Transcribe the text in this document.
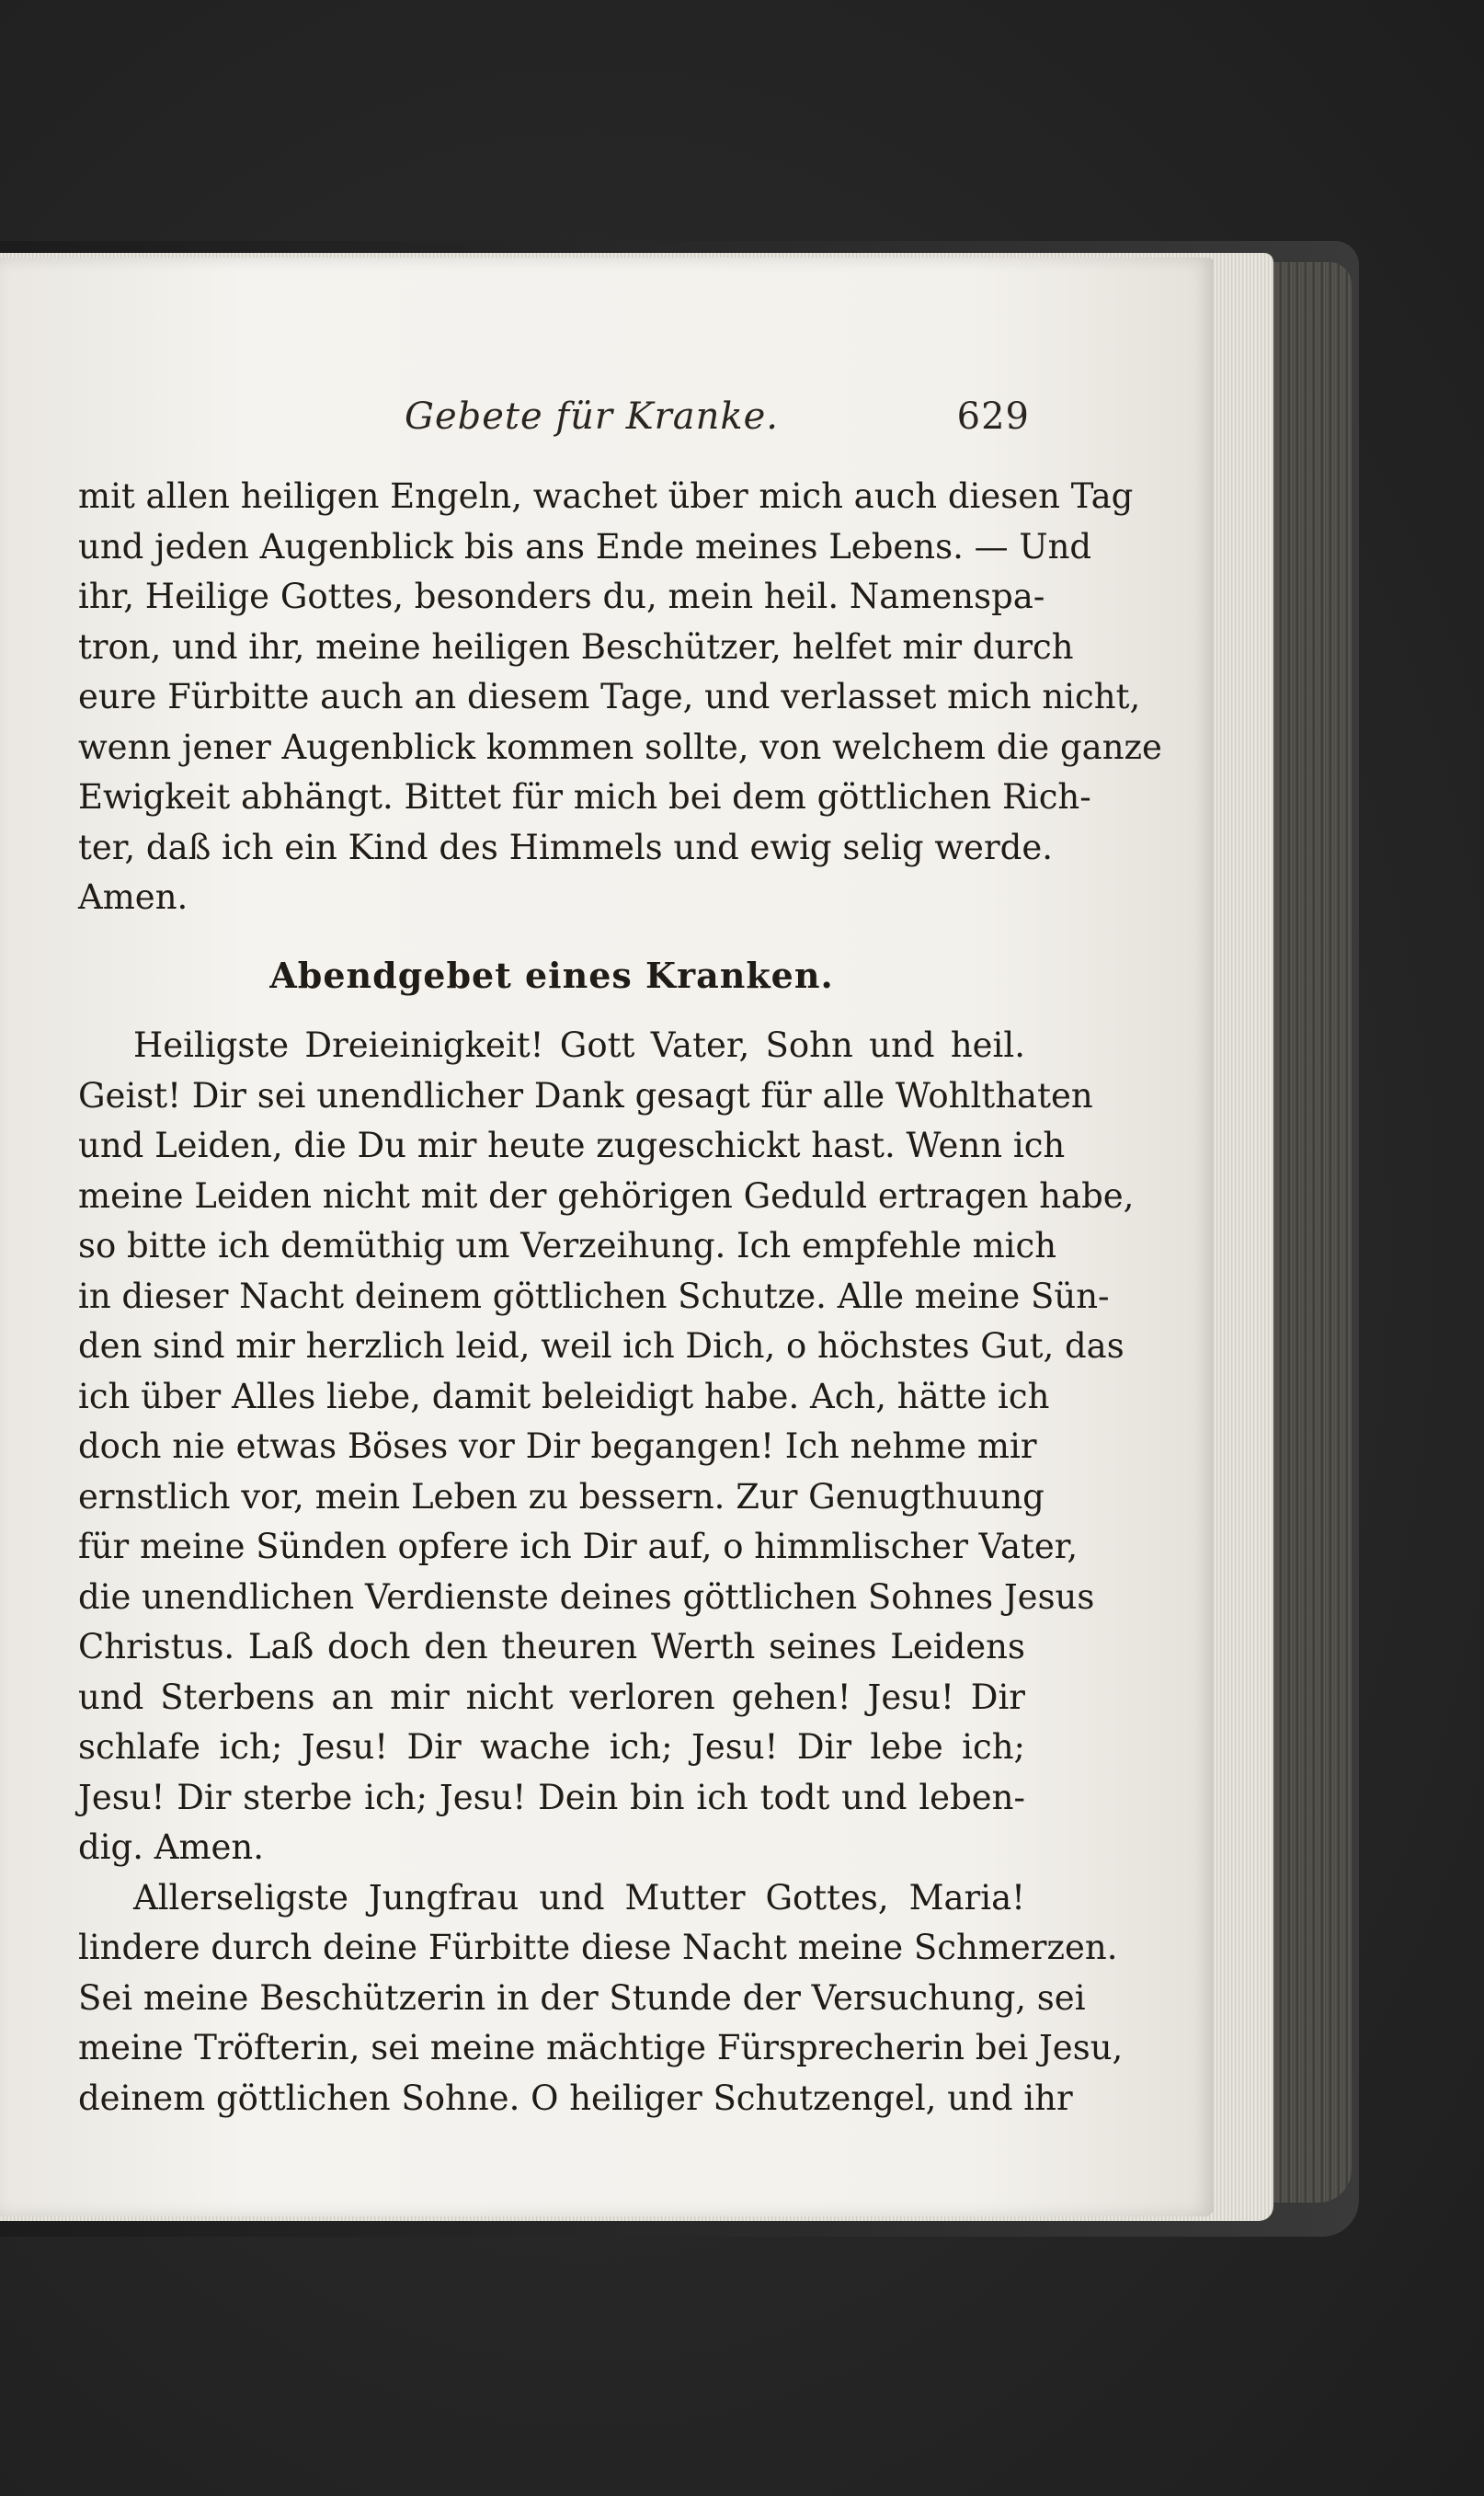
Gebete für Kranke.	629

mit allen heiligen Engeln, wachet über mich auch diesen Tag
und jeden Augenblick bis ans Ende meines Lebens. — Und
ihr, Heilige Gottes, besonders du, mein heil. Namenspa-
tron, und ihr, meine heiligen Beschützer, helfet mir durch
eure Fürbitte auch an diesem Tage, und verlasset mich nicht,
wenn jener Augenblick kommen sollte, von welchem die ganze
Ewigkeit abhängt. Bittet für mich bei dem göttlichen Rich-
ter, daß ich ein Kind des Himmels und ewig selig werde.
Amen.

Abendgebet eines Kranken.

Heiligste Dreieinigkeit! Gott Vater, Sohn und heil.
Geist! Dir sei unendlicher Dank gesagt für alle Wohlthaten
und Leiden, die Du mir heute zugeschickt hast. Wenn ich
meine Leiden nicht mit der gehörigen Geduld ertragen habe,
so bitte ich demüthig um Verzeihung. Ich empfehle mich
in dieser Nacht deinem göttlichen Schutze. Alle meine Sün-
den sind mir herzlich leid, weil ich Dich, o höchstes Gut, das
ich über Alles liebe, damit beleidigt habe. Ach, hätte ich
doch nie etwas Böses vor Dir begangen! Ich nehme mir
ernstlich vor, mein Leben zu bessern. Zur Genugthuung
für meine Sünden opfere ich Dir auf, o himmlischer Vater,
die unendlichen Verdienste deines göttlichen Sohnes Jesus
Christus. Laß doch den theuren Werth seines Leidens
und Sterbens an mir nicht verloren gehen! Jesu! Dir
schlafe ich; Jesu! Dir wache ich; Jesu! Dir lebe ich;
Jesu! Dir sterbe ich; Jesu! Dein bin ich todt und leben-
dig. Amen.

Allerseligste Jungfrau und Mutter Gottes, Maria!
lindere durch deine Fürbitte diese Nacht meine Schmerzen.
Sei meine Beschützerin in der Stunde der Versuchung, sei
meine Tröfterin, sei meine mächtige Fürsprecherin bei Jesu,
deinem göttlichen Sohne. O heiliger Schutzengel, und ihr
